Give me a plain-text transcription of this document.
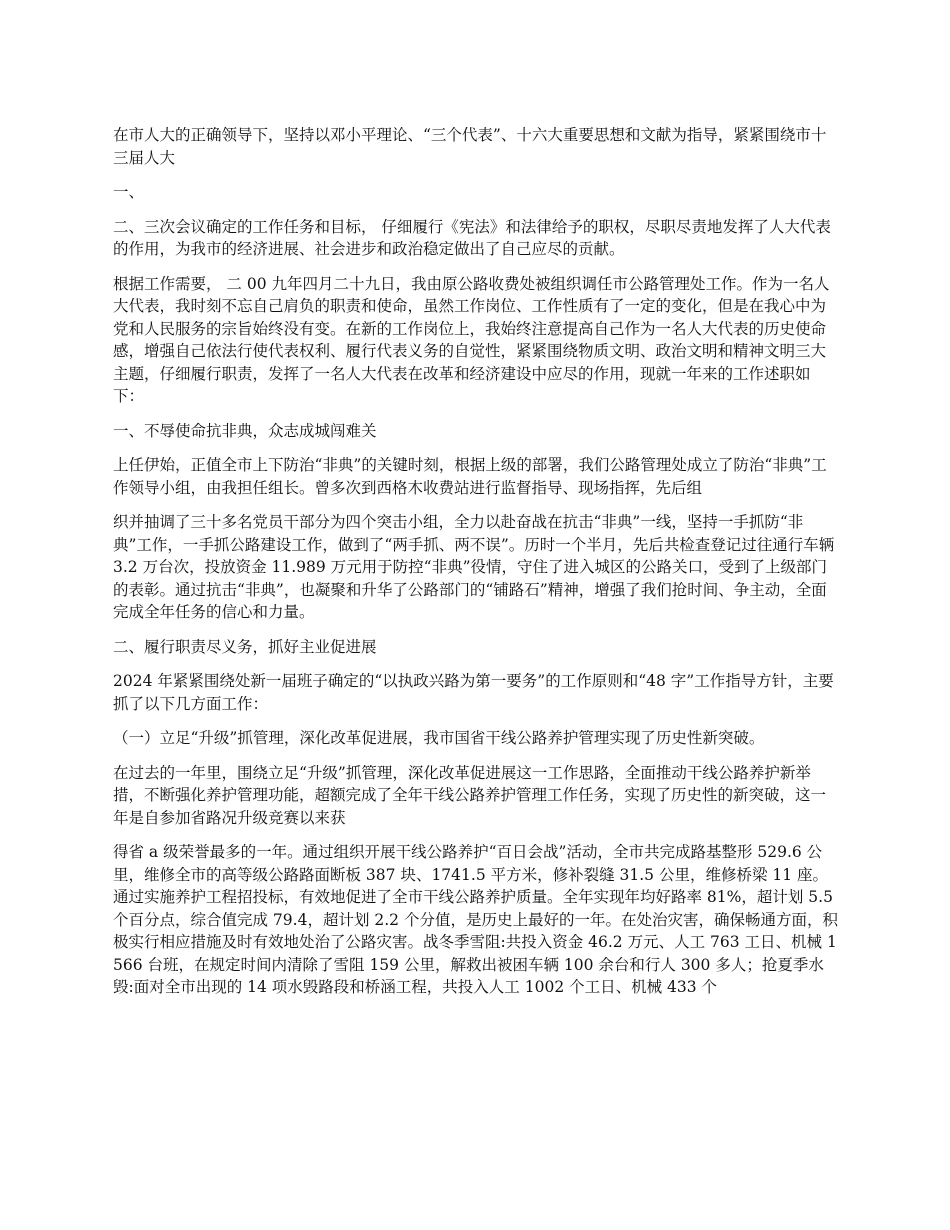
在市人大的正确领导下，坚持以邓小平理论、“三个代表”、十六大重要思想和文献为指导，紧紧围绕市十三届人大

一、

二、三次会议确定的工作任务和目标， 仔细履行《宪法》和法律给予的职权，尽职尽责地发挥了人大代表的作用，为我市的经济进展、社会进步和政治稳定做出了自己应尽的贡献。

根据工作需要， 二 00 九年四月二十九日，我由原公路收费处被组织调任市公路管理处工作。作为一名人大代表，我时刻不忘自己肩负的职责和使命，虽然工作岗位、工作性质有了一定的变化，但是在我心中为党和人民服务的宗旨始终没有变。在新的工作岗位上，我始终注意提高自己作为一名人大代表的历史使命感，增强自己依法行使代表权利、履行代表义务的自觉性，紧紧围绕物质文明、政治文明和精神文明三大主题，仔细履行职责，发挥了一名人大代表在改革和经济建设中应尽的作用，现就一年来的工作述职如下：

一、不辱使命抗非典，众志成城闯难关

上任伊始，正值全市上下防治“非典”的关键时刻，根据上级的部署，我们公路管理处成立了防治“非典”工作领导小组，由我担任组长。曾多次到西格木收费站进行监督指导、现场指挥，先后组

织并抽调了三十多名党员干部分为四个突击小组，全力以赴奋战在抗击“非典”一线，坚持一手抓防“非典”工作，一手抓公路建设工作，做到了“两手抓、两不误”。历时一个半月，先后共检查登记过往通行车辆 3.2 万台次，投放资金 11.989 万元用于防控“非典”役情，守住了进入城区的公路关口，受到了上级部门的表彰。通过抗击“非典”，也凝聚和升华了公路部门的“铺路石”精神，增强了我们抢时间、争主动，全面完成全年任务的信心和力量。

二、履行职责尽义务，抓好主业促进展

2024 年紧紧围绕处新一届班子确定的“以执政兴路为第一要务”的工作原则和“48 字”工作指导方针，主要抓了以下几方面工作：

（一）立足“升级”抓管理，深化改革促进展，我市国省干线公路养护管理实现了历史性新突破。

在过去的一年里，围绕立足“升级”抓管理，深化改革促进展这一工作思路，全面推动干线公路养护新举措，不断强化养护管理功能，超额完成了全年干线公路养护管理工作任务，实现了历史性的新突破，这一年是自参加省路况升级竞赛以来获

得省 a 级荣誉最多的一年。通过组织开展干线公路养护“百日会战”活动，全市共完成路基整形 529.6 公里，维修全市的高等级公路路面断板 387 块、1741.5 平方米，修补裂缝 31.5 公里，维修桥梁 11 座。通过实施养护工程招投标，有效地促进了全市干线公路养护质量。全年实现年均好路率 81%，超计划 5.5 个百分点，综合值完成 79.4，超计划 2.2 个分值，是历史上最好的一年。在处治灾害，确保畅通方面，积极实行相应措施及时有效地处治了公路灾害。战冬季雪阻:共投入资金 46.2 万元、人工 763 工日、机械 1566 台班，在规定时间内清除了雪阻 159 公里，解救出被困车辆 100 余台和行人 300 多人；抢夏季水毁:面对全市出现的 14 项水毁路段和桥涵工程，共投入人工 1002 个工日、机械 433 个
